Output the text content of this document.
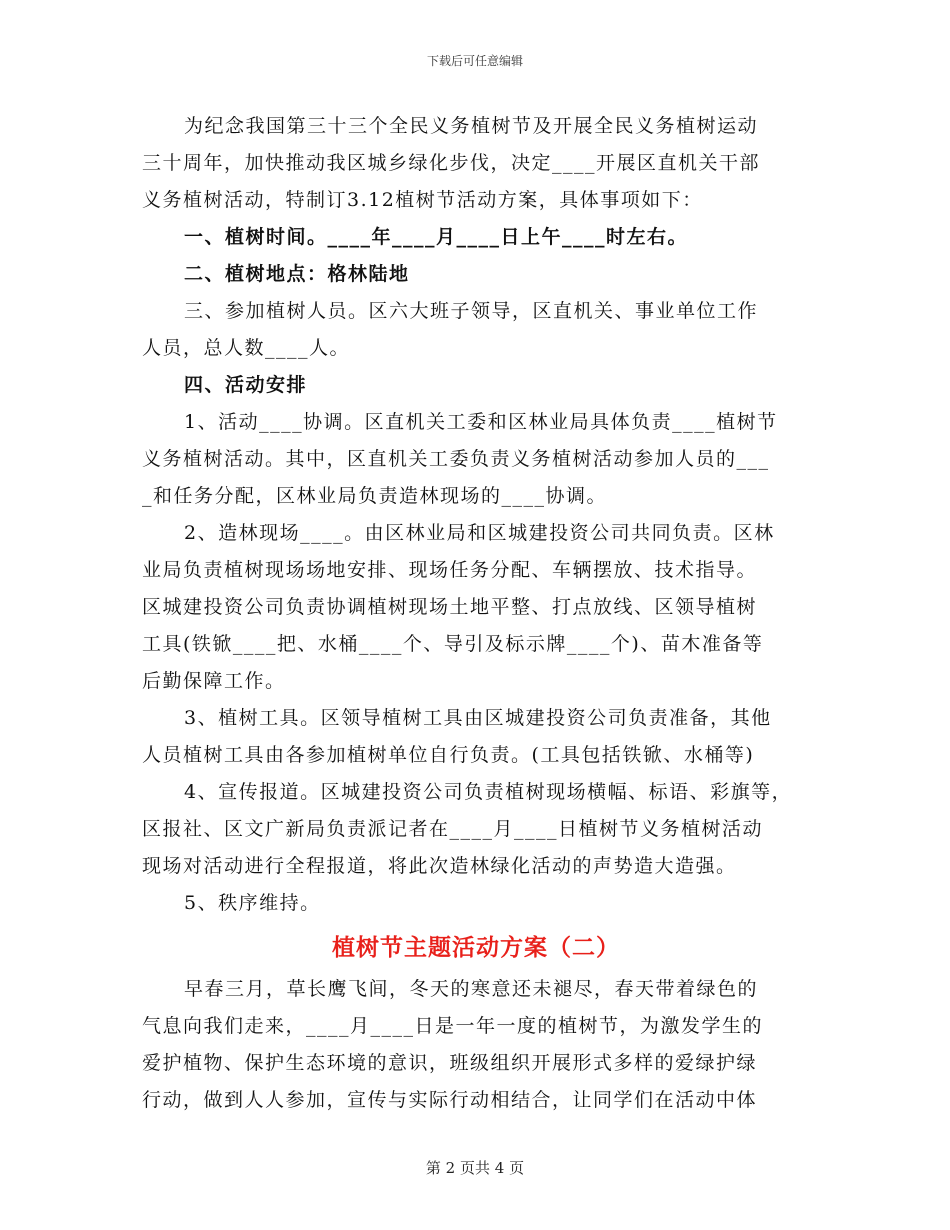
下载后可任意编辑
为纪念我国第三十三个全民义务植树节及开展全民义务植树运动
三十周年，加快推动我区城乡绿化步伐，决定____开展区直机关干部
义务植树活动，特制订3.12植树节活动方案，具体事项如下：
一、植树时间。____年____月____日上午____时左右。
二、植树地点：格林陆地
三、参加植树人员。区六大班子领导，区直机关、事业单位工作
人员，总人数____人。
四、活动安排
1、活动____协调。区直机关工委和区林业局具体负责____植树节
义务植树活动。其中，区直机关工委负责义务植树活动参加人员的___
_和任务分配，区林业局负责造林现场的____协调。
2、造林现场____。由区林业局和区城建投资公司共同负责。区林
业局负责植树现场场地安排、现场任务分配、车辆摆放、技术指导。
区城建投资公司负责协调植树现场土地平整、打点放线、区领导植树
工具(铁锨____把、水桶____个、导引及标示牌____个)、苗木准备等
后勤保障工作。
3、植树工具。区领导植树工具由区城建投资公司负责准备，其他
人员植树工具由各参加植树单位自行负责。(工具包括铁锨、水桶等)
4、宣传报道。区城建投资公司负责植树现场横幅、标语、彩旗等，
区报社、区文广新局负责派记者在____月____日植树节义务植树活动
现场对活动进行全程报道，将此次造林绿化活动的声势造大造强。
5、秩序维持。
植树节主题活动方案（二）
早春三月，草长鹰飞间，冬天的寒意还未褪尽，春天带着绿色的
气息向我们走来，____月____日是一年一度的植树节，为激发学生的
爱护植物、保护生态环境的意识，班级组织开展形式多样的爱绿护绿
行动，做到人人参加，宣传与实际行动相结合，让同学们在活动中体
第 2 页共 4 页
